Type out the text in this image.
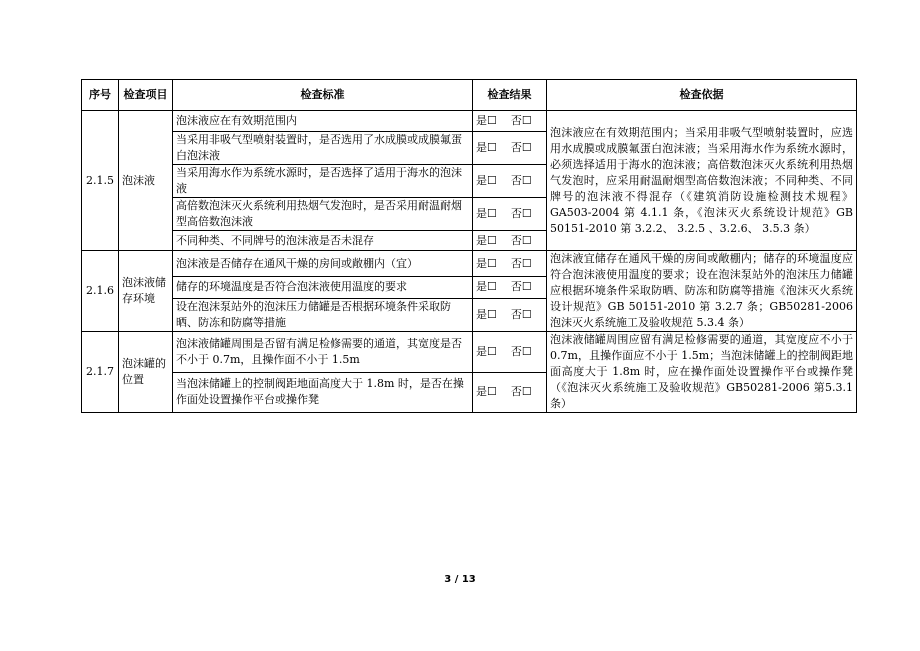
序号	检查项目	检查标准	检查结果	检查依据
2.1.5	泡沫液	泡沫液应在有效期范围内	是☐ 否☐	泡沫液应在有效期范围内；当采用非吸气型喷射装置时，应选用水成膜或成膜氟蛋白泡沫液；当采用海水作为系统水源时，必须选择适用于海水的泡沫液；高倍数泡沫灭火系统利用热烟气发泡时，应采用耐温耐烟型高倍数泡沫液；不同种类、不同牌号的泡沫液不得混存（《建筑消防设施检测技术规程》GA503-2004 第 4.1.1 条，《泡沫灭火系统设计规范》GB 50151-2010 第 3.2.2、 3.2.5 、3.2.6、 3.5.3 条）
		当采用非吸气型喷射装置时，是否选用了水成膜或成膜氟蛋白泡沫液	是☐ 否☐	
		当采用海水作为系统水源时，是否选择了适用于海水的泡沫液	是☐ 否☐	
		高倍数泡沫灭火系统利用热烟气发泡时，是否采用耐温耐烟型高倍数泡沫液	是☐ 否☐	
		不同种类、不同牌号的泡沫液是否未混存	是☐ 否☐	
2.1.6	泡沫液储存环境	泡沫液是否储存在通风干燥的房间或敞棚内（宜）	是☐ 否☐	泡沫液宜储存在通风干燥的房间或敞棚内；储存的环境温度应符合泡沫液使用温度的要求；设在泡沫泵站外的泡沫压力储罐应根据环境条件采取防晒、防冻和防腐等措施《泡沫灭火系统设计规范》GB 50151-2010 第 3.2.7 条；GB50281-2006 泡沫灭火系统施工及验收规范 5.3.4 条）
		储存的环境温度是否符合泡沫液使用温度的要求	是☐ 否☐	
		设在泡沫泵站外的泡沫压力储罐是否根据环境条件采取防晒、防冻和防腐等措施	是☐ 否☐	
2.1.7	泡沫罐的位置	泡沫液储罐周围是否留有满足检修需要的通道，其宽度是否不小于 0.7m，且操作面不小于 1.5m	是☐ 否☐	泡沫液储罐周围应留有满足检修需要的通道，其宽度应不小于 0.7m，且操作面应不小于 1.5m；当泡沫储罐上的控制阀距地面高度大于 1.8m 时，应在操作面处设置操作平台或操作凳（《泡沫灭火系统施工及验收规范》GB50281-2006 第5.3.1 条）
		当泡沫储罐上的控制阀距地面高度大于 1.8m 时，是否在操作面处设置操作平台或操作凳	是☐ 否☐	
3 / 13
